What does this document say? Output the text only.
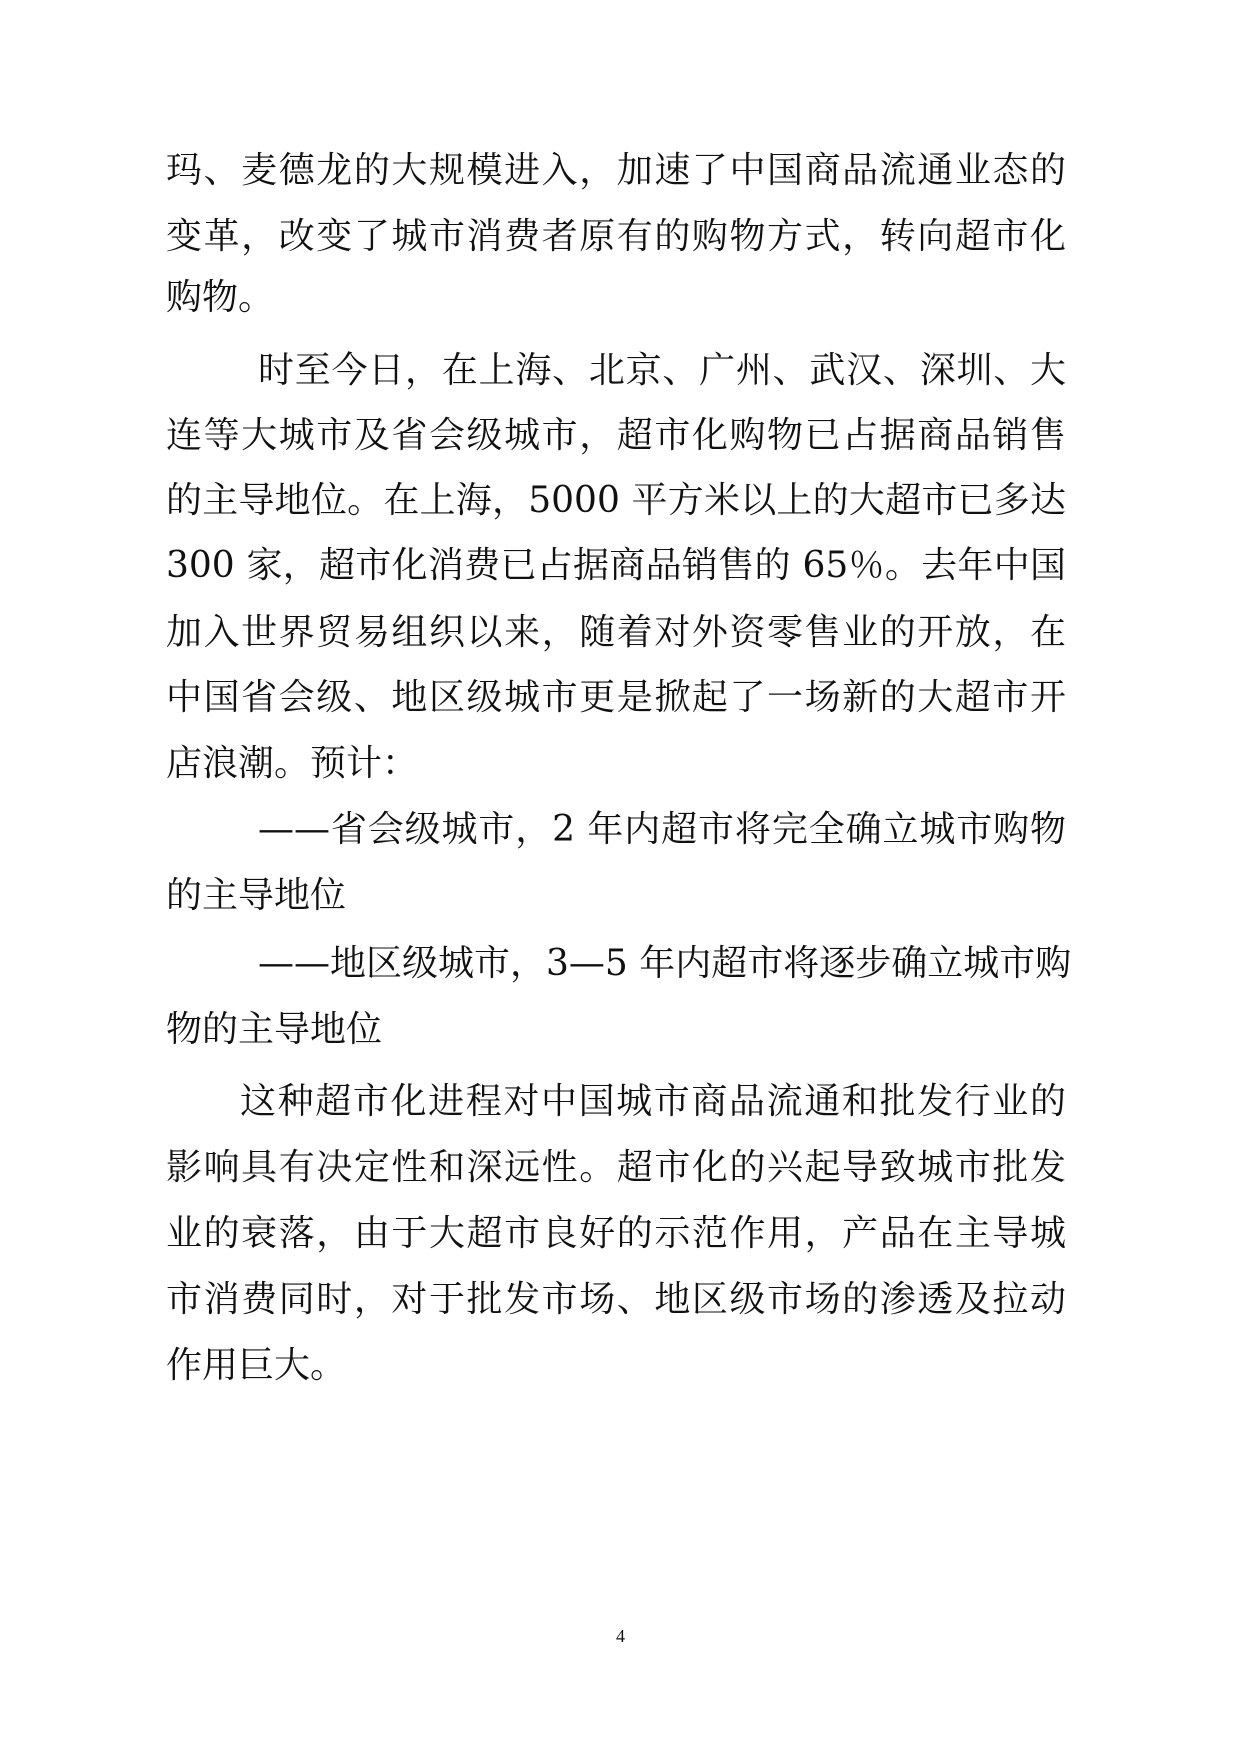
玛、麦德龙的大规模进入，加速了中国商品流通业态的
变革，改变了城市消费者原有的购物方式，转向超市化
购物。
时至今日，在上海、北京、广州、武汉、深圳、大
连等大城市及省会级城市，超市化购物已占据商品销售
的主导地位。在上海，5000 平方米以上的大超市已多达
300 家，超市化消费已占据商品销售的 65％。去年中国
加入世界贸易组织以来，随着对外资零售业的开放，在
中国省会级、地区级城市更是掀起了一场新的大超市开
店浪潮。预计：
——省会级城市，2 年内超市将完全确立城市购物
的主导地位
——地区级城市，3—5 年内超市将逐步确立城市购
物的主导地位
这种超市化进程对中国城市商品流通和批发行业的
影响具有决定性和深远性。超市化的兴起导致城市批发
业的衰落，由于大超市良好的示范作用，产品在主导城
市消费同时，对于批发市场、地区级市场的渗透及拉动
作用巨大。
4
